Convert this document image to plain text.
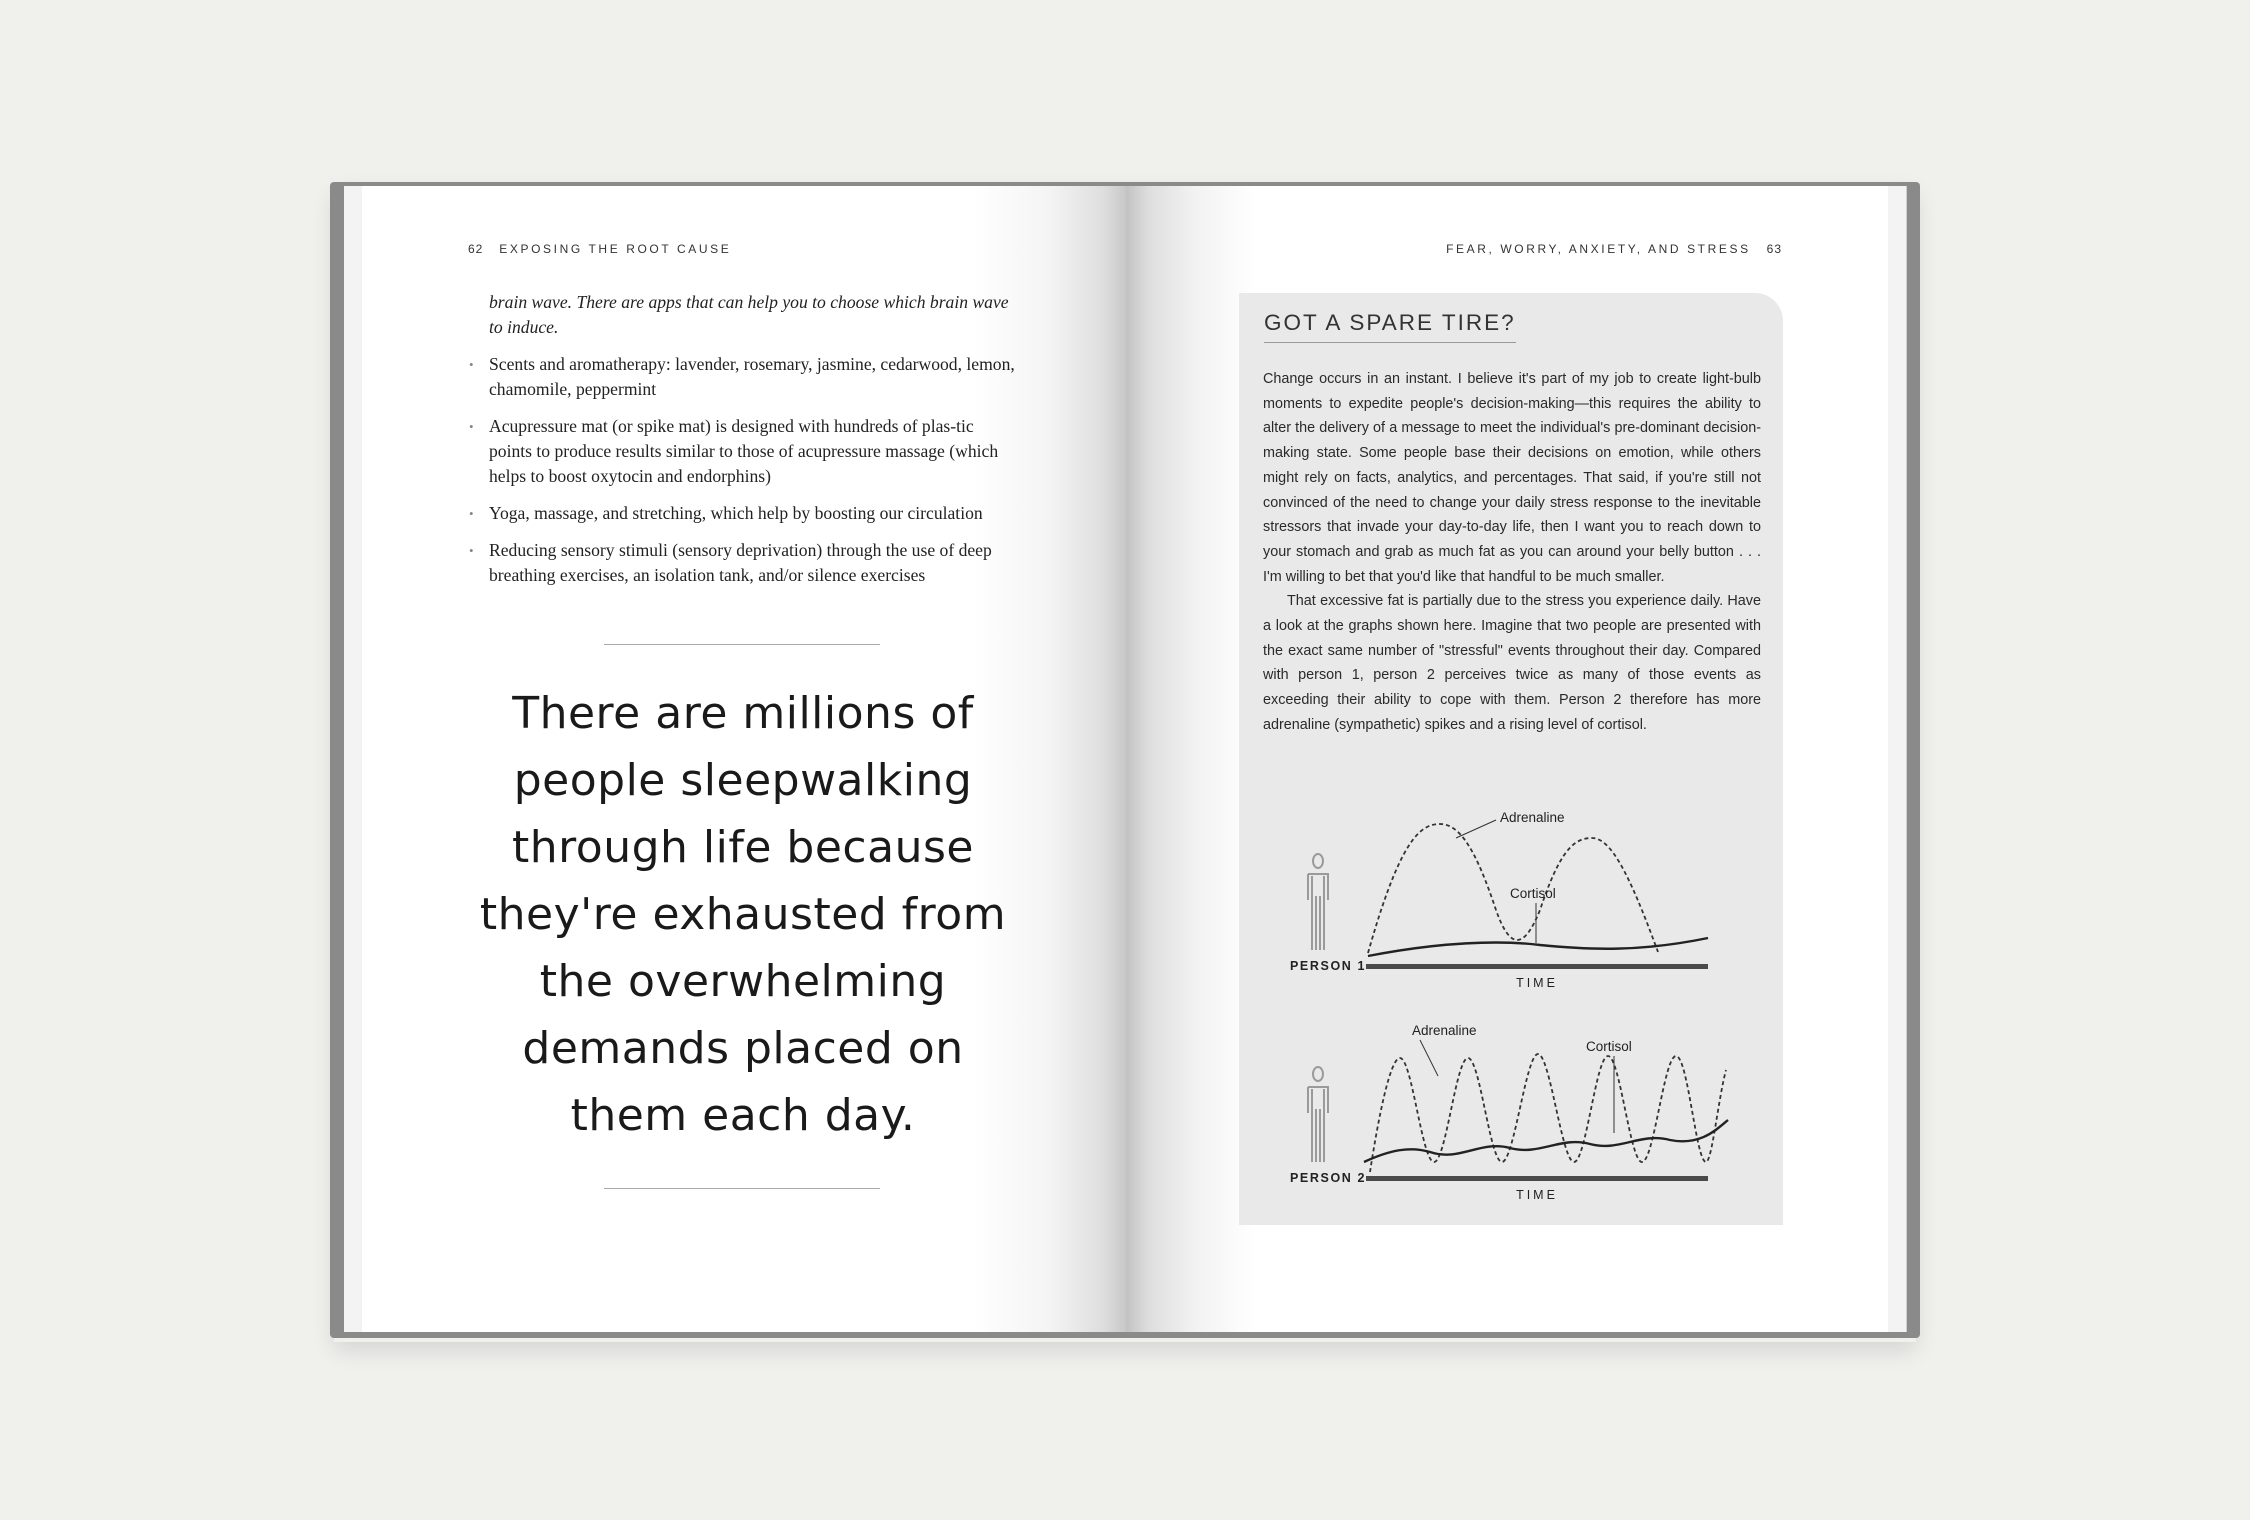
62 EXPOSING THE ROOT CAUSE	FEAR, WORRY, ANXIETY, AND STRESS 63

brain wave. There are apps that can help you to choose which brain wave to induce.

• Scents and aromatherapy: lavender, rosemary, jasmine, cedarwood, lemon, chamomile, peppermint
• Acupressure mat (or spike mat) is designed with hundreds of plas-tic points to produce results similar to those of acupressure massage (which helps to boost oxytocin and endorphins)
• Yoga, massage, and stretching, which help by boosting our circulation
• Reducing sensory stimuli (sensory deprivation) through the use of deep breathing exercises, an isolation tank, and/or silence exercises
There are millions of
people sleepwalking
through life because
they're exhausted from
the overwhelming
demands placed on
them each day.
GOT A SPARE TIRE?

Change occurs in an instant. I believe it's part of my job to create light-bulb moments to expedite people's decision-making—this requires the ability to alter the delivery of a message to meet the individual's pre-dominant decision-making state. Some people base their decisions on emotion, while others might rely on facts, analytics, and percentages. That said, if you're still not convinced of the need to change your daily stress response to the inevitable stressors that invade your day-to-day life, then I want you to reach down to your stomach and grab as much fat as you can around your belly button . . . I'm willing to bet that you'd like that handful to be much smaller.

That excessive fat is partially due to the stress you experience daily. Have a look at the graphs shown here. Imagine that two people are presented with the exact same number of "stressful" events throughout their day. Compared with person 1, person 2 perceives twice as many of those events as exceeding their ability to cope with them. Person 2 therefore has more adrenaline (sympathetic) spikes and a rising level of cortisol.

PERSON 1
TIME
Adrenaline
Cortisol
PERSON 2
TIME
Adrenaline
Cortisol
